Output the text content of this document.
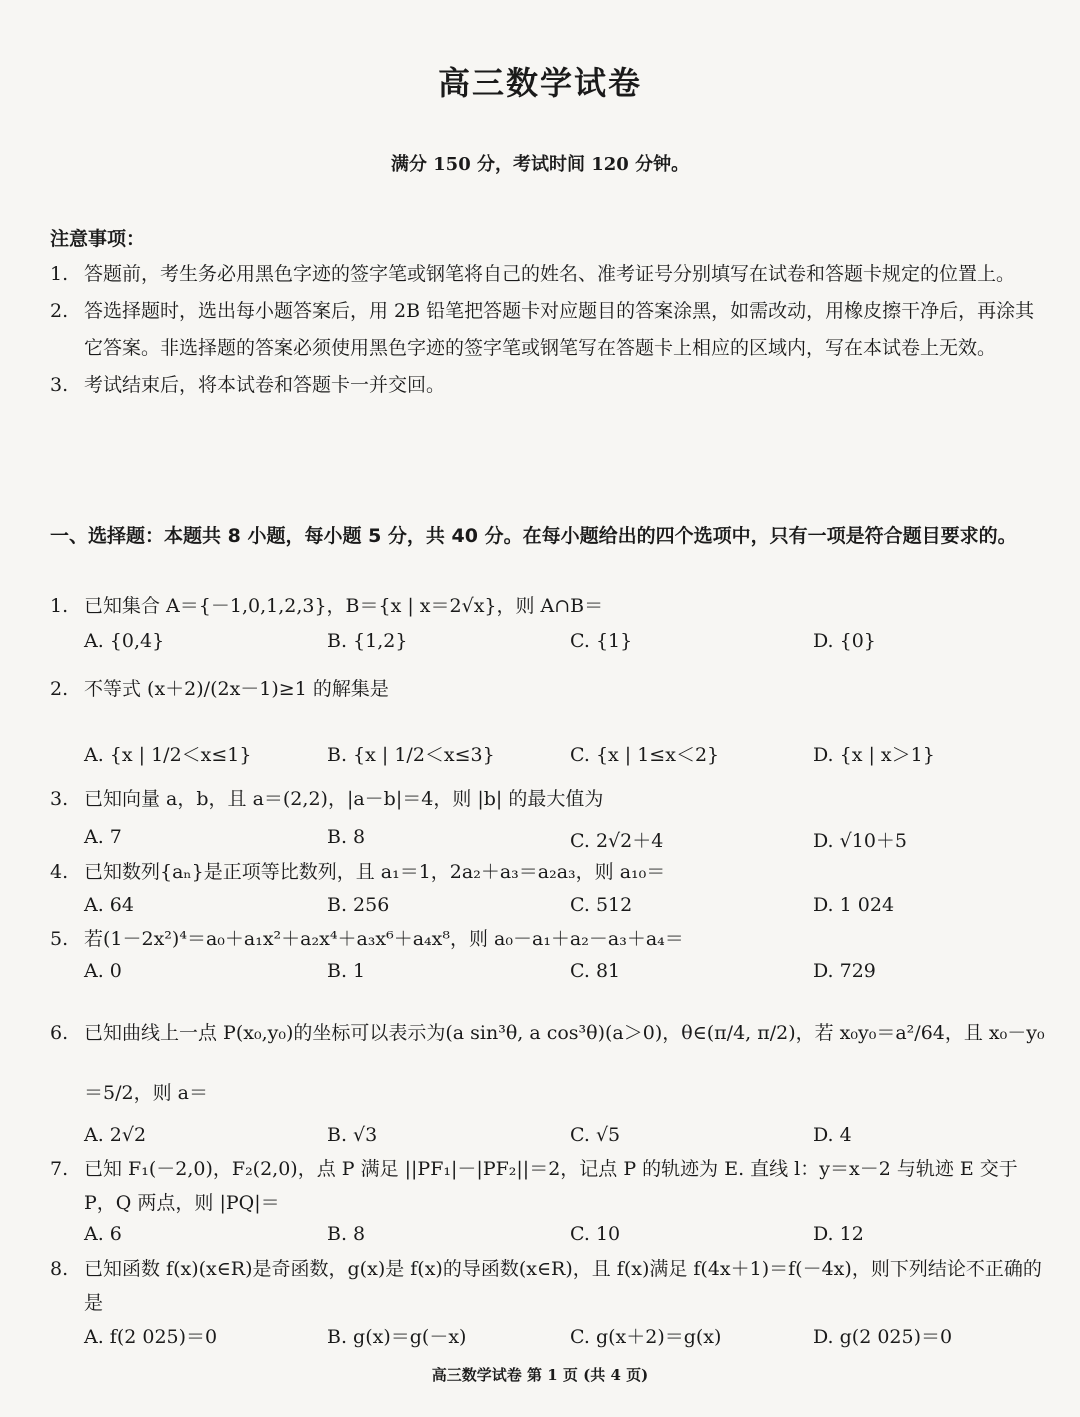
高三数学试卷
满分 150 分，考试时间 120 分钟。
注意事项：
1. 答题前，考生务必用黑色字迹的签字笔或钢笔将自己的姓名、准考证号分别填写在试卷和答题卡规定的位置上。
2. 答选择题时，选出每小题答案后，用 2B 铅笔把答题卡对应题目的答案涂黑，如需改动，用橡皮擦干净后，再涂其它答案。非选择题的答案必须使用黑色字迹的签字笔或钢笔写在答题卡上相应的区域内，写在本试卷上无效。
3. 考试结束后，将本试卷和答题卡一并交回。
一、选择题：本题共 8 小题，每小题 5 分，共 40 分。在每小题给出的四个选项中，只有一项是符合题目要求的。
1. 已知集合 A＝{－1,0,1,2,3}，B＝{x | x＝2√x}，则 A∩B＝
A. {0,4}	B. {1,2}	C. {1}	D. {0}
2. 不等式 (x＋2)/(2x－1)≥1 的解集是
A. {x | 1/2＜x≤1}	B. {x | 1/2＜x≤3}	C. {x | 1≤x＜2}	D. {x | x＞1}
3. 已知向量 a，b，且 a＝(2,2)，|a－b|＝4，则 |b| 的最大值为
A. 7	B. 8	C. 2√2＋4	D. √10＋5
4. 已知数列{aₙ}是正项等比数列，且 a₁＝1，2a₂＋a₃＝a₂a₃，则 a₁₀＝
A. 64	B. 256	C. 512	D. 1 024
5. 若(1－2x²)⁴＝a₀＋a₁x²＋a₂x⁴＋a₃x⁶＋a₄x⁸，则 a₀－a₁＋a₂－a₃＋a₄＝
A. 0	B. 1	C. 81	D. 729
6. 已知曲线上一点 P(x₀,y₀)的坐标可以表示为(a sin³θ, a cos³θ)(a＞0)，θ∈(π/4, π/2)，若 x₀y₀＝a²/64，且 x₀－y₀＝5/2，则 a＝
A. 2√2	B. √3	C. √5	D. 4
7. 已知 F₁(－2,0)，F₂(2,0)，点 P 满足 ||PF₁|－|PF₂||＝2，记点 P 的轨迹为 E. 直线 l：y＝x－2 与轨迹 E 交于 P，Q 两点，则 |PQ|＝
A. 6	B. 8	C. 10	D. 12
8. 已知函数 f(x)(x∈R)是奇函数，g(x)是 f(x)的导函数(x∈R)，且 f(x)满足 f(4x＋1)＝f(－4x)，则下列结论不正确的是
A. f(2 025)＝0	B. g(x)＝g(－x)	C. g(x＋2)＝g(x)	D. g(2 025)＝0
高三数学试卷 第 1 页 (共 4 页)
